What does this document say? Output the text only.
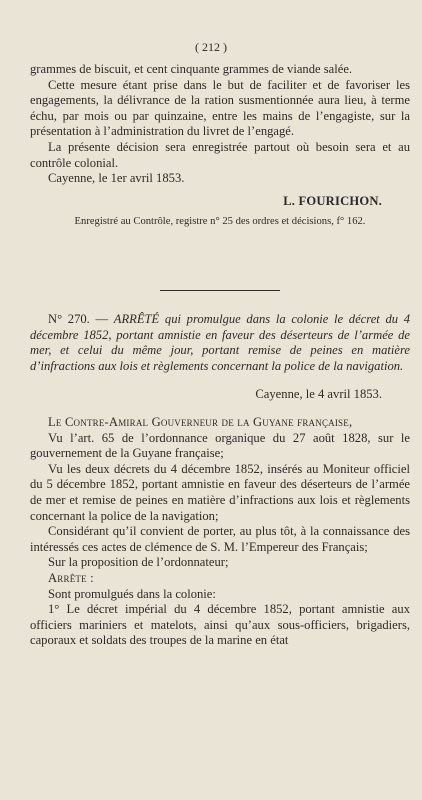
( 212 )

grammes de biscuit, et cent cinquante grammes de viande salée.

Cette mesure étant prise dans le but de faciliter et de favoriser les engagements, la délivrance de la ration susmentionnée aura lieu, à terme échu, par mois ou par quinzaine, entre les mains de l’engagiste, sur la présentation à l’administration du livret de l’engagé.

La présente décision sera enregistrée partout où besoin sera et au contrôle colonial.

Cayenne, le 1er avril 1853.

L. FOURICHON.

Enregistré au Contrôle, registre n° 25 des ordres et décisions, f° 162.

N° 270. — ARRÊTÉ qui promulgue dans la colonie le décret du 4 décembre 1852, portant amnistie en faveur des déserteurs de l’armée de mer, et celui du même jour, portant remise de peines en matière d’infractions aux lois et règlements concernant la police de la navigation.

Cayenne, le 4 avril 1853.

Le Contre-Amiral Gouverneur de la Guyane française,

Vu l’art. 65 de l’ordonnance organique du 27 août 1828, sur le gouvernement de la Guyane française;

Vu les deux décrets du 4 décembre 1852, insérés au Moniteur officiel du 5 décembre 1852, portant amnistie en faveur des déserteurs de l’armée de mer et remise de peines en matière d’infractions aux lois et règlements concernant la police de la navigation;

Considérant qu’il convient de porter, au plus tôt, à la connaissance des intéressés ces actes de clémence de S. M. l’Empereur des Français;

Sur la proposition de l’ordonnateur;

Arrête :

Sont promulgués dans la colonie:

1° Le décret impérial du 4 décembre 1852, portant amnistie aux officiers mariniers et matelots, ainsi qu’aux sous-officiers, brigadiers, caporaux et soldats des troupes de la marine en état
